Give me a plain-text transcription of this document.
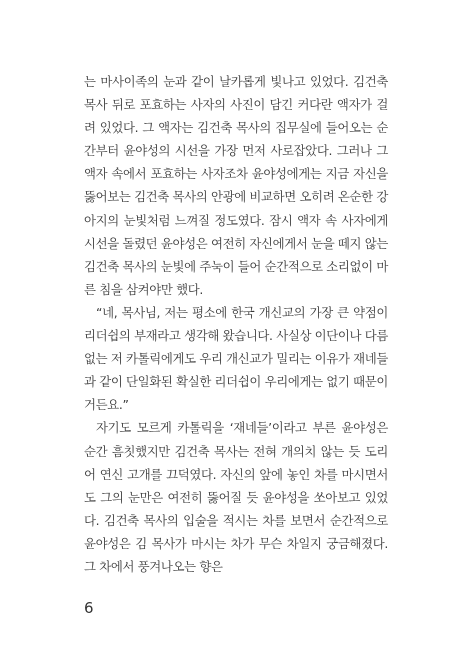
는 마사이족의 눈과 같이 날카롭게 빛나고 있었다. 김건축 목사 뒤로 포효하는 사자의 사진이 담긴 커다란 액자가 걸려 있었다. 그 액자는 김건축 목사의 집무실에 들어오는 순간부터 윤야성의 시선을 가장 먼저 사로잡았다. 그러나 그 액자 속에서 포효하는 사자조차 윤야성에게는 지금 자신을 뚫어보는 김건축 목사의 안광에 비교하면 오히려 온순한 강아지의 눈빛처럼 느껴질 정도였다. 잠시 액자 속 사자에게 시선을 돌렸던 윤야성은 여전히 자신에게서 눈을 떼지 않는 김건축 목사의 눈빛에 주눅이 들어 순간적으로 소리없이 마른 침을 삼켜야만 했다.

“네, 목사님, 저는 평소에 한국 개신교의 가장 큰 약점이 리더쉽의 부재라고 생각해 왔습니다. 사실상 이단이나 다름없는 저 카톨릭에게도 우리 개신교가 밀리는 이유가 재네들과 같이 단일화된 확실한 리더쉽이 우리에게는 없기 때문이거든요.”

자기도 모르게 카톨릭을 ‘재네들’이라고 부른 윤야성은 순간 흠칫했지만 김건축 목사는 전혀 개의치 않는 듯 도리어 연신 고개를 끄덕였다. 자신의 앞에 놓인 차를 마시면서도 그의 눈만은 여전히 뚫어질 듯 윤야성을 쏘아보고 있었다. 김건축 목사의 입술을 적시는 차를 보면서 순간적으로 윤야성은 김 목사가 마시는 차가 무슨 차일지 궁금해졌다. 그 차에서 풍겨나오는 향은

6
